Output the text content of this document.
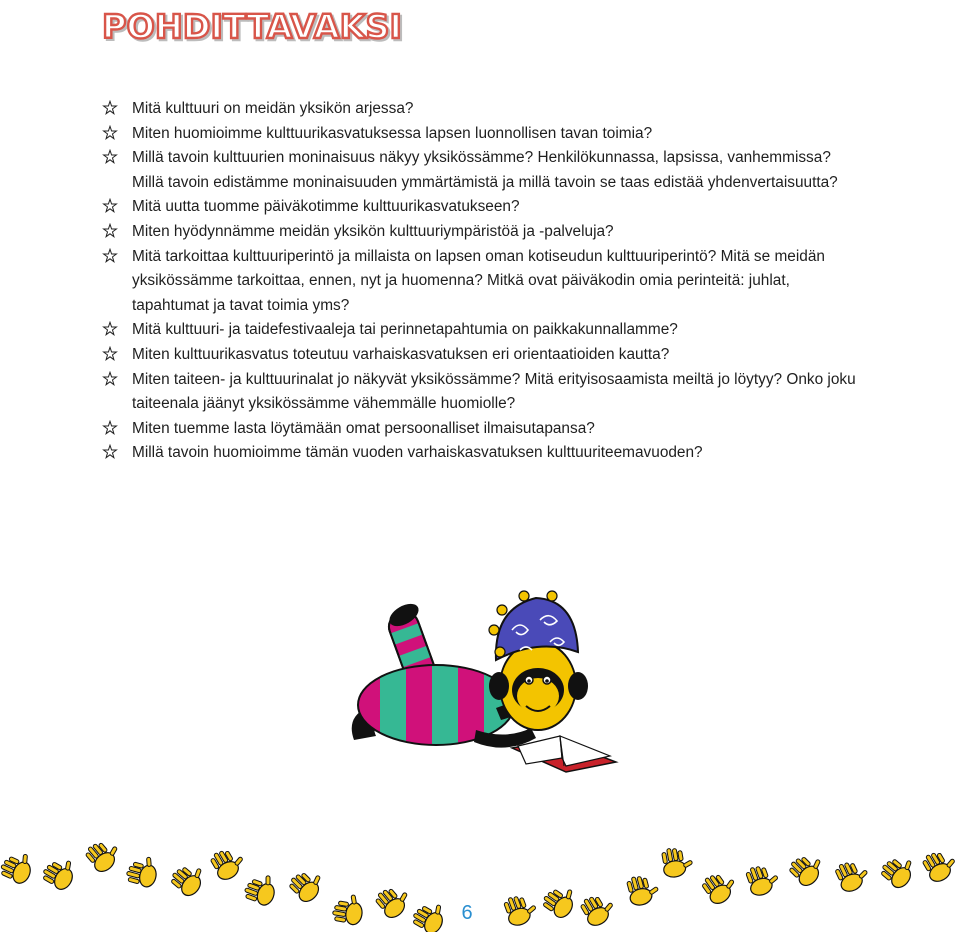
POHDITTAVAKSI
Mitä kulttuuri on meidän yksikön arjessa?
Miten huomioimme kulttuurikasvatuksessa lapsen luonnollisen tavan toimia?
Millä tavoin kulttuurien moninaisuus näkyy yksikössämme? Henkilökunnassa, lapsissa, vanhemmissa? Millä tavoin edistämme moninaisuuden ymmärtämistä ja millä tavoin se taas edistää yhdenvertaisuutta?
Mitä uutta tuomme päiväkotimme kulttuurikasvatukseen?
Miten hyödynnämme meidän yksikön kulttuuriympäristöä ja -palveluja?
Mitä tarkoittaa kulttuuriperintö ja millaista on lapsen oman kotiseudun kulttuuriperintö? Mitä se meidän yksikössämme tarkoittaa, ennen, nyt ja huomenna? Mitkä ovat päiväkodin omia perinteitä: juhlat, tapahtumat ja tavat toimia yms?
Mitä kulttuuri- ja taidefestivaaleja tai perinnetapahtumia on paikkakunnallamme?
Miten kulttuurikasvatus toteutuu varhaiskasvatuksen eri orientaatioiden kautta?
Miten taiteen- ja kulttuurinalat jo näkyvät yksikössämme? Mitä erityisosaamista meiltä jo löytyy? Onko joku taiteenala jäänyt yksikössämme vähemmälle huomiolle?
Miten tuemme lasta löytämään omat persoonalliset ilmaisutapansa?
Millä tavoin huomioimme tämän vuoden varhaiskasvatuksen kulttuuriteemavuoden?
6
